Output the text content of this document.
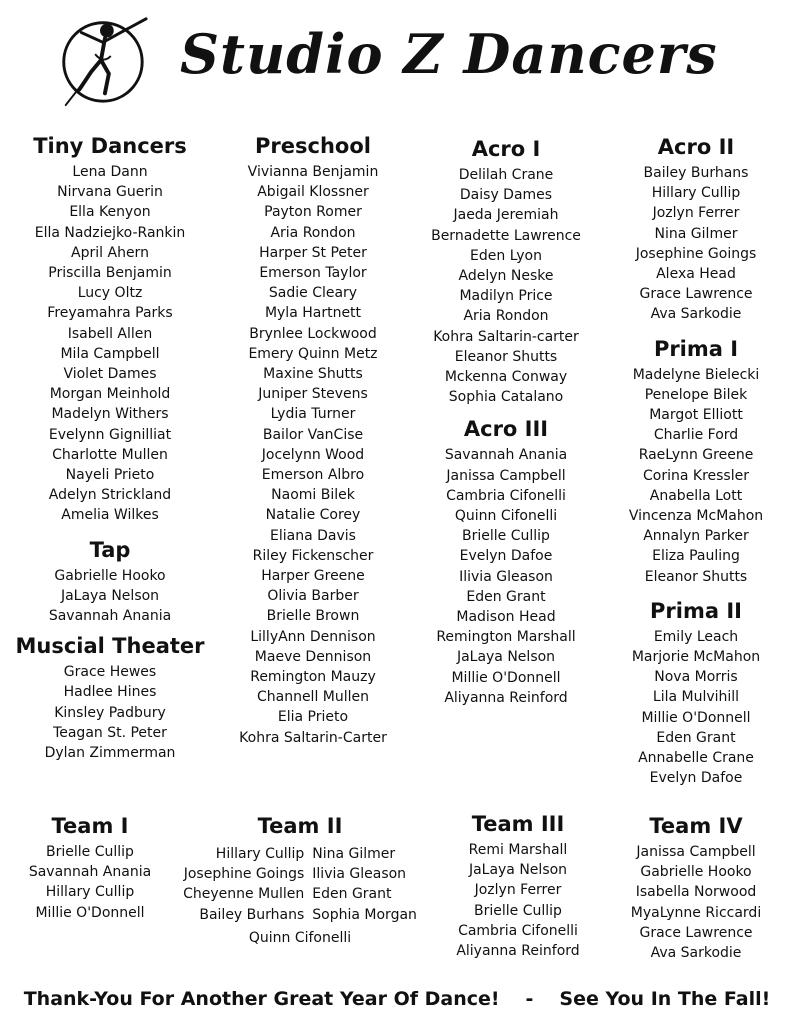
Studio Z Dancers
Tiny Dancers
Lena Dann
Nirvana Guerin
Ella Kenyon
Ella Nadziejko-Rankin
April Ahern
Priscilla Benjamin
Lucy Oltz
Freyamahra Parks
Isabell Allen
Mila Campbell
Violet Dames
Morgan Meinhold
Madelyn Withers
Evelynn Gignilliat
Charlotte Mullen
Nayeli Prieto
Adelyn Strickland
Amelia Wilkes
Tap
Gabrielle Hooko
JaLaya Nelson
Savannah Anania
Muscial Theater
Grace Hewes
Hadlee Hines
Kinsley Padbury
Teagan St. Peter
Dylan Zimmerman
Preschool
Vivianna Benjamin
Abigail Klossner
Payton Romer
Aria Rondon
Harper St Peter
Emerson Taylor
Sadie Cleary
Myla Hartnett
Brynlee Lockwood
Emery Quinn Metz
Maxine Shutts
Juniper Stevens
Lydia Turner
Bailor VanCise
Jocelynn Wood
Emerson Albro
Naomi Bilek
Natalie Corey
Eliana Davis
Riley Fickenscher
Harper Greene
Olivia Barber
Brielle Brown
LillyAnn Dennison
Maeve Dennison
Remington Mauzy
Channell Mullen
Elia Prieto
Kohra Saltarin-Carter
Acro I
Delilah Crane
Daisy Dames
Jaeda Jeremiah
Bernadette Lawrence
Eden Lyon
Adelyn Neske
Madilyn Price
Aria Rondon
Kohra Saltarin-carter
Eleanor Shutts
Mckenna Conway
Sophia Catalano
Acro III
Savannah Anania
Janissa Campbell
Cambria Cifonelli
Quinn Cifonelli
Brielle Cullip
Evelyn Dafoe
Ilivia Gleason
Eden Grant
Madison Head
Remington Marshall
JaLaya Nelson
Millie O'Donnell
Aliyanna Reinford
Acro II
Bailey Burhans
Hillary Cullip
Jozlyn Ferrer
Nina Gilmer
Josephine Goings
Alexa Head
Grace Lawrence
Ava Sarkodie
Prima I
Madelyne Bielecki
Penelope Bilek
Margot Elliott
Charlie Ford
RaeLynn Greene
Corina Kressler
Anabella Lott
Vincenza McMahon
Annalyn Parker
Eliza Pauling
Eleanor Shutts
Prima II
Emily Leach
Marjorie McMahon
Nova Morris
Lila Mulvihill
Millie O'Donnell
Eden Grant
Annabelle Crane
Evelyn Dafoe
Team I
Brielle Cullip
Savannah Anania
Hillary Cullip
Millie O'Donnell
Team II
Hillary Cullip
Josephine Goings
Cheyenne Mullen
Bailey Burhans
Nina Gilmer
Ilivia Gleason
Eden Grant
Sophia Morgan
Quinn Cifonelli
Team III
Remi Marshall
JaLaya Nelson
Jozlyn Ferrer
Brielle Cullip
Cambria Cifonelli
Aliyanna Reinford
Team IV
Janissa Campbell
Gabrielle Hooko
Isabella Norwood
MyaLynne Riccardi
Grace Lawrence
Ava Sarkodie
Thank-You For Another Great Year Of Dance! - See You In The Fall!
